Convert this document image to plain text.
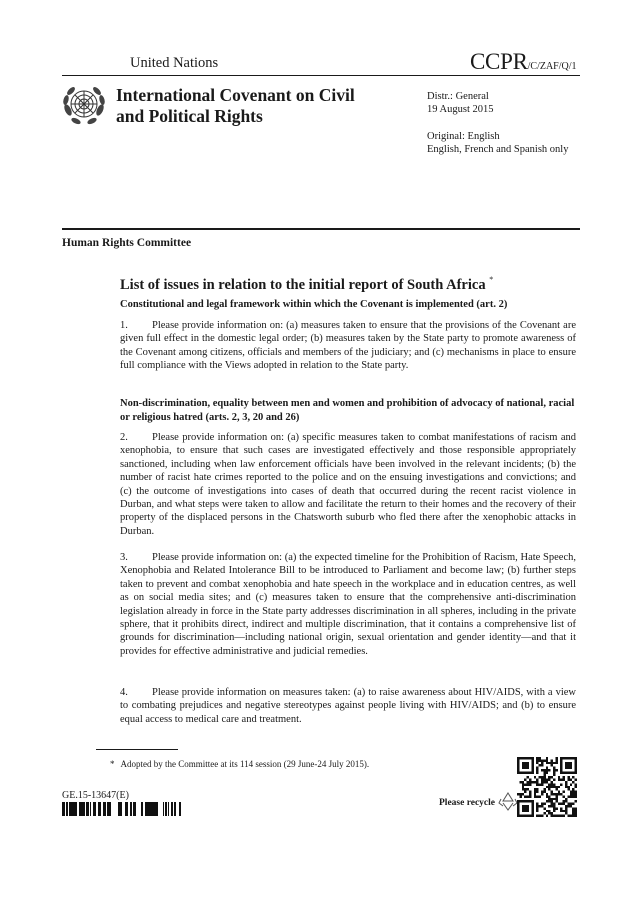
United Nations	CCPR/C/ZAF/Q/1
International Covenant on Civil and Political Rights
Distr.: General
19 August 2015
Original: English
English, French and Spanish only
Human Rights Committee
List of issues in relation to the initial report of South Africa *
Constitutional and legal framework within which the Covenant is implemented (art. 2)
1. Please provide information on: (a) measures taken to ensure that the provisions of the Covenant are given full effect in the domestic legal order; (b) measures taken by the State party to promote awareness of the Covenant among citizens, officials and members of the judiciary; and (c) mechanisms in place to ensure full compliance with the Views adopted in relation to the State party.
Non-discrimination, equality between men and women and prohibition of advocacy of national, racial or religious hatred (arts. 2, 3, 20 and 26)
2. Please provide information on: (a) specific measures taken to combat manifestations of racism and xenophobia, to ensure that such cases are investigated effectively and those responsible appropriately sanctioned, including when law enforcement officials have been involved in the relevant incidents; (b) the number of racist hate crimes reported to the police and on the ensuing investigations and convictions; and (c) the outcome of investigations into cases of death that occurred during the recent racist violence in Durban, and what steps were taken to allow and facilitate the return to their homes and the recovery of their property of the displaced persons in the Chatsworth suburb who fled there after the xenophobic attacks in Durban.
3. Please provide information on: (a) the expected timeline for the Prohibition of Racism, Hate Speech, Xenophobia and Related Intolerance Bill to be introduced to Parliament and become law; (b) further steps taken to prevent and combat xenophobia and hate speech in the workplace and in education centres, as well as on social media sites; and (c) measures taken to ensure that the comprehensive anti-discrimination legislation already in force in the State party addresses discrimination in all spheres, including in the private sphere, that it prohibits direct, indirect and multiple discrimination, that it contains a comprehensive list of grounds for discrimination—including national origin, sexual orientation and gender identity—and that it provides for effective administrative and judicial remedies.
4. Please provide information on measures taken: (a) to raise awareness about HIV/AIDS, with a view to combating prejudices and negative stereotypes against people living with HIV/AIDS; and (b) to ensure equal access to medical care and treatment.
* Adopted by the Committee at its 114 session (29 June-24 July 2015).
GE.15-13647(E)
Please recycle
